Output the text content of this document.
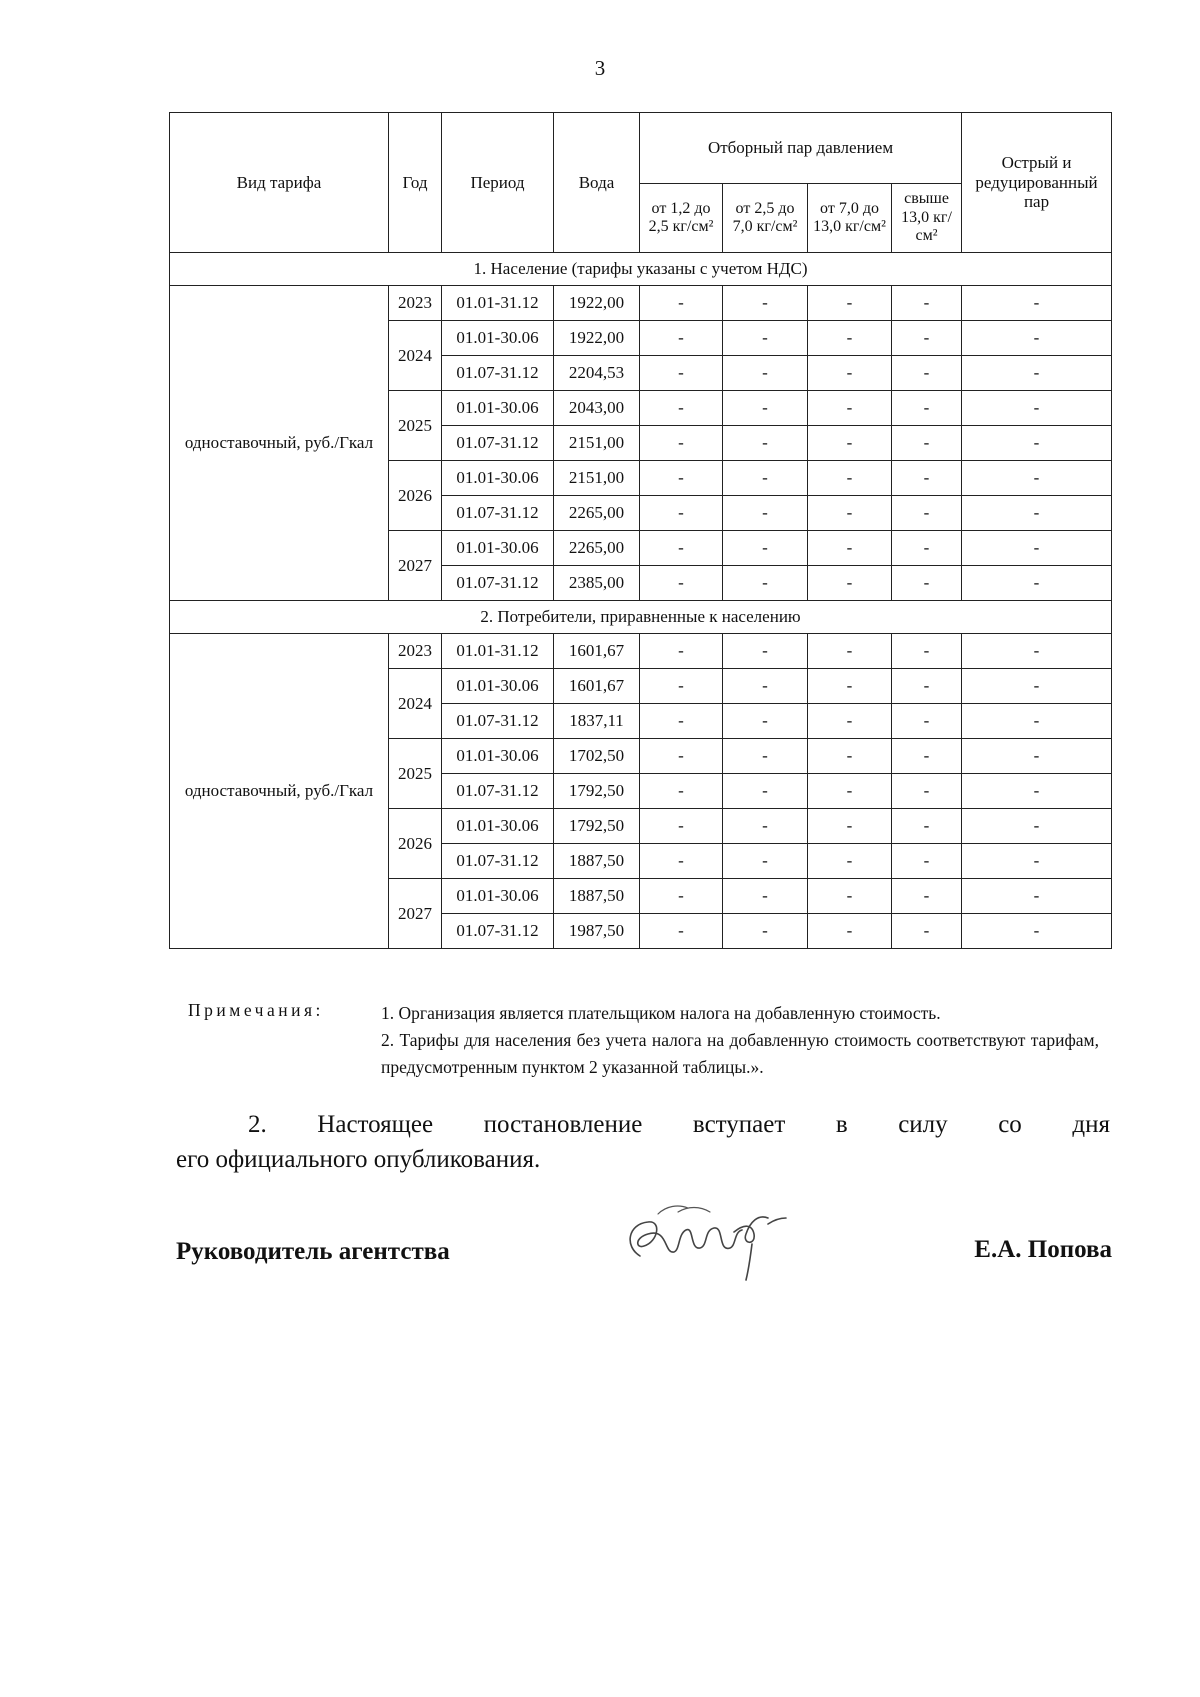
3
Вид тарифа	Год	Период	Вода	Отборный пар давлением				Острый и редуцированный пар
				от 1,2 до 2,5 кг/см²	от 2,5 до 7,0 кг/см²	от 7,0 до 13,0 кг/см²	свыше 13,0 кг/см²	
1. Население (тарифы указаны с учетом НДС)								
одноставочный, руб./Гкал	2023	01.01-31.12	1922,00	-	-	-	-	-
	2024	01.01-30.06	1922,00	-	-	-	-	-
		01.07-31.12	2204,53	-	-	-	-	-
	2025	01.01-30.06	2043,00	-	-	-	-	-
		01.07-31.12	2151,00	-	-	-	-	-
	2026	01.01-30.06	2151,00	-	-	-	-	-
		01.07-31.12	2265,00	-	-	-	-	-
	2027	01.01-30.06	2265,00	-	-	-	-	-
		01.07-31.12	2385,00	-	-	-	-	-
2. Потребители, приравненные к населению								
одноставочный, руб./Гкал	2023	01.01-31.12	1601,67	-	-	-	-	-
	2024	01.01-30.06	1601,67	-	-	-	-	-
		01.07-31.12	1837,11	-	-	-	-	-
	2025	01.01-30.06	1702,50	-	-	-	-	-
		01.07-31.12	1792,50	-	-	-	-	-
	2026	01.01-30.06	1792,50	-	-	-	-	-
		01.07-31.12	1887,50	-	-	-	-	-
	2027	01.01-30.06	1887,50	-	-	-	-	-
		01.07-31.12	1987,50	-	-	-	-	-
Примечания:	1. Организация является плательщиком налога на добавленную стоимость.
2. Тарифы для населения без учета налога на добавленную стоимость соответствуют тарифам, предусмотренным пунктом 2 указанной таблицы.».
2. Настоящее постановление вступает в силу со дня
его официального опубликования.
Руководитель агентства	Е.А. Попова
